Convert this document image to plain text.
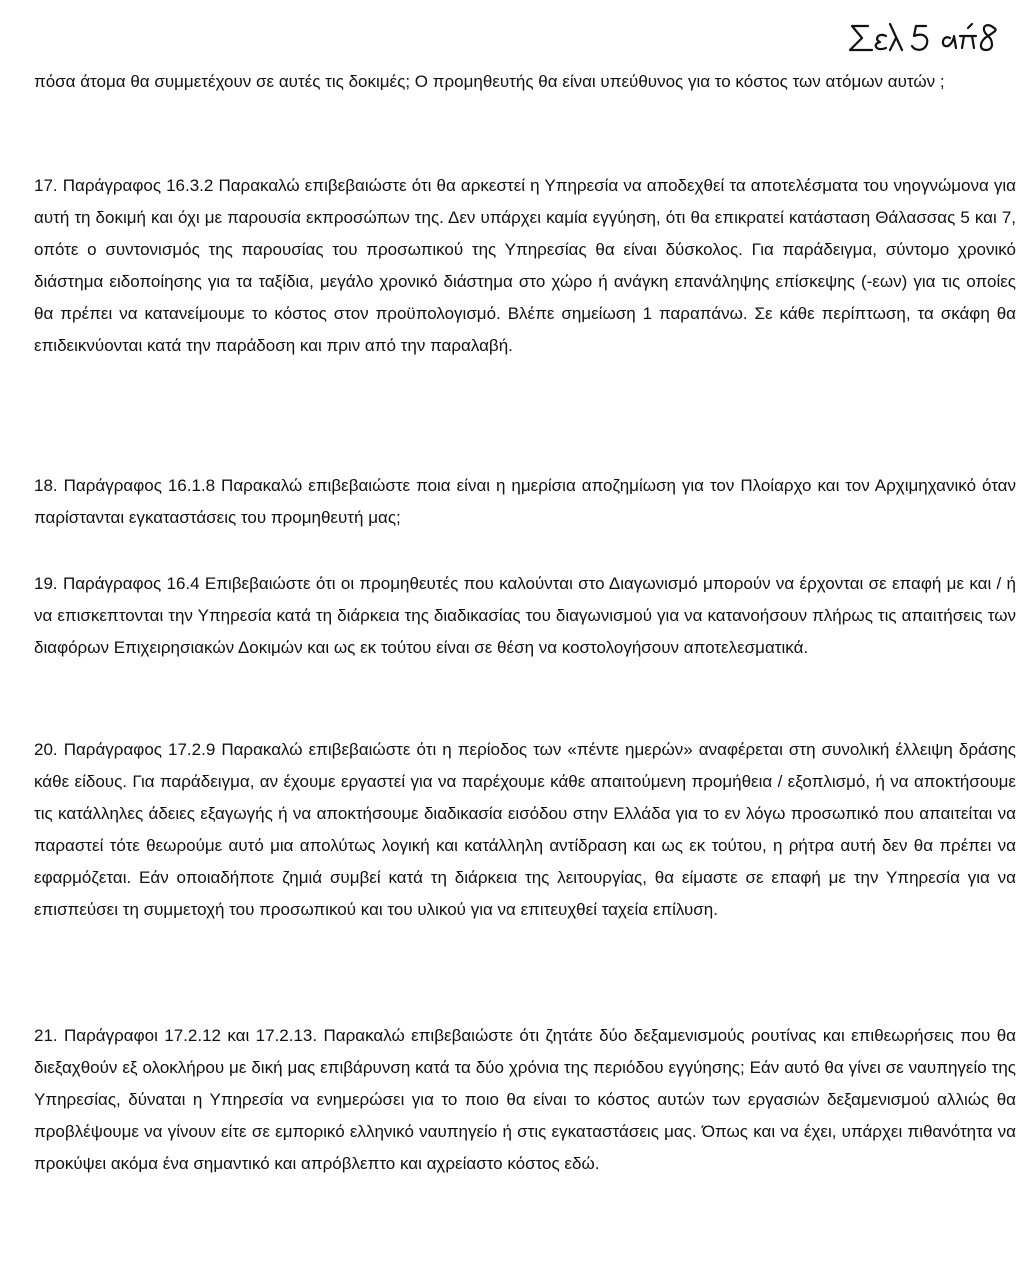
πόσα άτομα θα συμμετέχουν σε αυτές τις δοκιμές; Ο προμηθευτής θα είναι υπεύθυνος για το κόστος των ατόμων αυτών ;

17. Παράγραφος 16.3.2 Παρακαλώ επιβεβαιώστε ότι θα αρκεστεί η Υπηρεσία να αποδεχθεί τα αποτελέσματα του νηογνώμονα για αυτή τη δοκιμή και όχι με παρουσία εκπροσώπων της. Δεν υπάρχει καμία εγγύηση, ότι θα επικρατεί κατάσταση Θάλασσας 5 και 7, οπότε ο συντονισμός της παρουσίας του προσωπικού της Υπηρεσίας θα είναι δύσκολος. Για παράδειγμα, σύντομο χρονικό διάστημα ειδοποίησης για τα ταξίδια, μεγάλο χρονικό διάστημα στο χώρο ή ανάγκη επανάληψης επίσκεψης (-εων) για τις οποίες θα πρέπει να κατανείμουμε το κόστος στον προϋπολογισμό. Βλέπε σημείωση 1 παραπάνω. Σε κάθε περίπτωση, τα σκάφη θα επιδεικνύονται κατά την παράδοση και πριν από την παραλαβή.

18. Παράγραφος 16.1.8 Παρακαλώ επιβεβαιώστε ποια είναι η ημερίσια αποζημίωση για τον Πλοίαρχο και τον Αρχιμηχανικό όταν παρίστανται εγκαταστάσεις του προμηθευτή μας;

19. Παράγραφος 16.4 Επιβεβαιώστε ότι οι προμηθευτές που καλούνται στο Διαγωνισμό μπορούν να έρχονται σε επαφή με και / ή να επισκεπτονται την Υπηρεσία κατά τη διάρκεια της διαδικασίας του διαγωνισμού για να κατανοήσουν πλήρως τις απαιτήσεις των διαφόρων Επιχειρησιακών Δοκιμών και ως εκ τούτου είναι σε θέση να κοστολογήσουν αποτελεσματικά.

20. Παράγραφος 17.2.9 Παρακαλώ επιβεβαιώστε ότι η περίοδος των «πέντε ημερών» αναφέρεται στη συνολική έλλειψη δράσης κάθε είδους. Για παράδειγμα, αν έχουμε εργαστεί για να παρέχουμε κάθε απαιτούμενη προμήθεια / εξοπλισμό, ή να αποκτήσουμε τις κατάλληλες άδειες εξαγωγής ή να αποκτήσουμε διαδικασία εισόδου στην Ελλάδα για το εν λόγω προσωπικό που απαιτείται να παραστεί τότε θεωρούμε αυτό μια απολύτως λογική και κατάλληλη αντίδραση και ως εκ τούτου, η ρήτρα αυτή δεν θα πρέπει να εφαρμόζεται. Εάν οποιαδήποτε ζημιά συμβεί κατά τη διάρκεια της λειτουργίας, θα είμαστε σε επαφή με την Υπηρεσία για να επισπεύσει τη συμμετοχή του προσωπικού και του υλικού για να επιτευχθεί ταχεία επίλυση.

21. Παράγραφοι 17.2.12 και 17.2.13. Παρακαλώ επιβεβαιώστε ότι ζητάτε δύο δεξαμενισμούς ρουτίνας και επιθεωρήσεις που θα διεξαχθούν εξ ολοκλήρου με δική μας επιβάρυνση κατά τα δύο χρόνια της περιόδου εγγύησης; Εάν αυτό θα γίνει σε ναυπηγείο της Υπηρεσίας, δύναται η Υπηρεσία να ενημερώσει για το ποιο θα είναι το κόστος αυτών των εργασιών δεξαμενισμού αλλιώς θα προβλέψουμε να γίνουν είτε σε εμπορικό ελληνικό ναυπηγείο ή στις εγκαταστάσεις μας. Όπως και να έχει, υπάρχει πιθανότητα να προκύψει ακόμα ένα σημαντικό και απρόβλεπτο και αχρείαστο κόστος εδώ.
